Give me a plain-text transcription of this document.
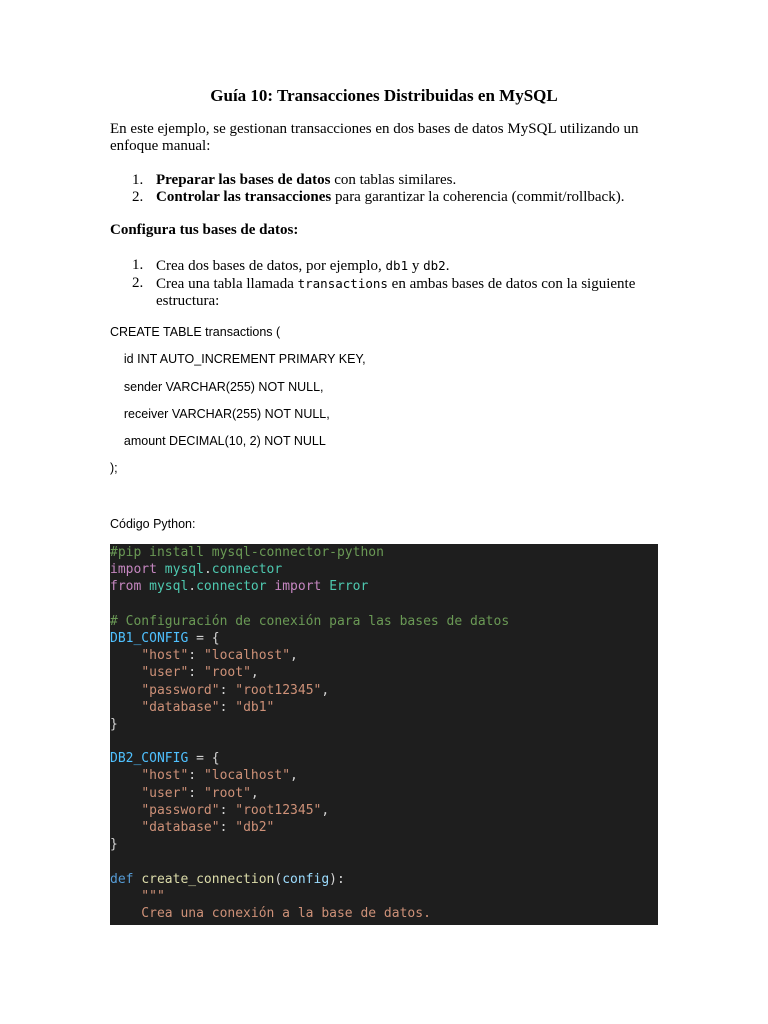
Guía 10: Transacciones Distribuidas en MySQL

En este ejemplo, se gestionan transacciones en dos bases de datos MySQL utilizando un enfoque manual:

1. Preparar las bases de datos con tablas similares.
2. Controlar las transacciones para garantizar la coherencia (commit/rollback).

Configura tus bases de datos:

1. Crea dos bases de datos, por ejemplo, db1 y db2.
2. Crea una tabla llamada transactions en ambas bases de datos con la siguiente estructura:
CREATE TABLE transactions (
id INT AUTO_INCREMENT PRIMARY KEY,
sender VARCHAR(255) NOT NULL,
receiver VARCHAR(255) NOT NULL,
amount DECIMAL(10, 2) NOT NULL
);
Código Python:
#pip install mysql-connector-python
import mysql.connector
from mysql.connector import Error
# Configuración de conexión para las bases de datos
DB1_CONFIG = {
"host": "localhost",
"user": "root",
"password": "root12345",
"database": "db1"
}
DB2_CONFIG = {
"host": "localhost",
"user": "root",
"password": "root12345",
"database": "db2"
}
def create_connection(config):
"""
Crea una conexión a la base de datos.
